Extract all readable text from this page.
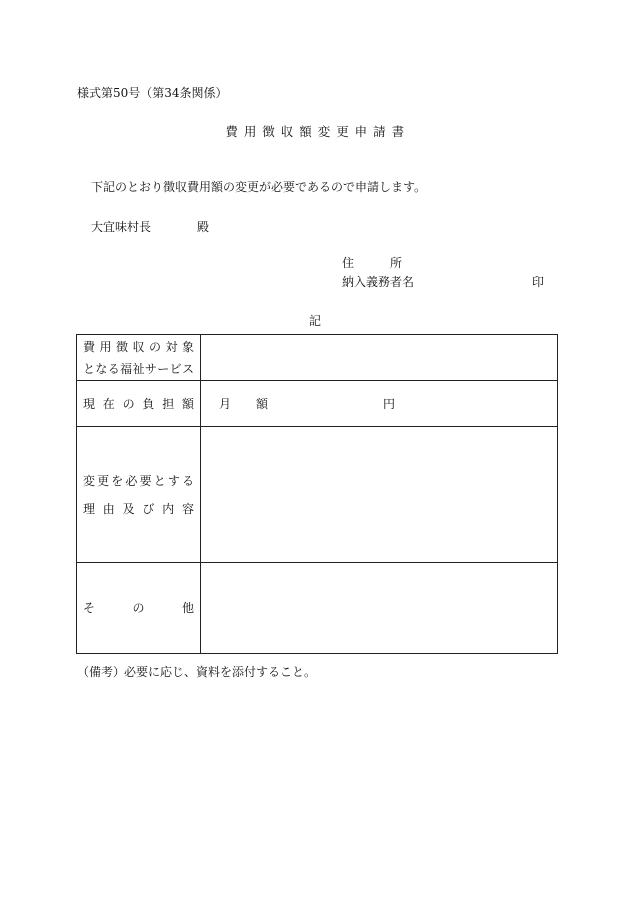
様式第50号（第34条関係）
費 用 徴 収 額 変 更 申 請 書
下記のとおり徴収費用額の変更が必要であるので申請します。
大宜味村長	殿
住　　　所
納入義務者名	印
記
費用徴収の対象
となる福祉サービス	

現在の負担額	月 額 円

変更を必要とする
理由及び内容	

そ の 他	

（備考）
必要に応じ、資料を添付すること。
